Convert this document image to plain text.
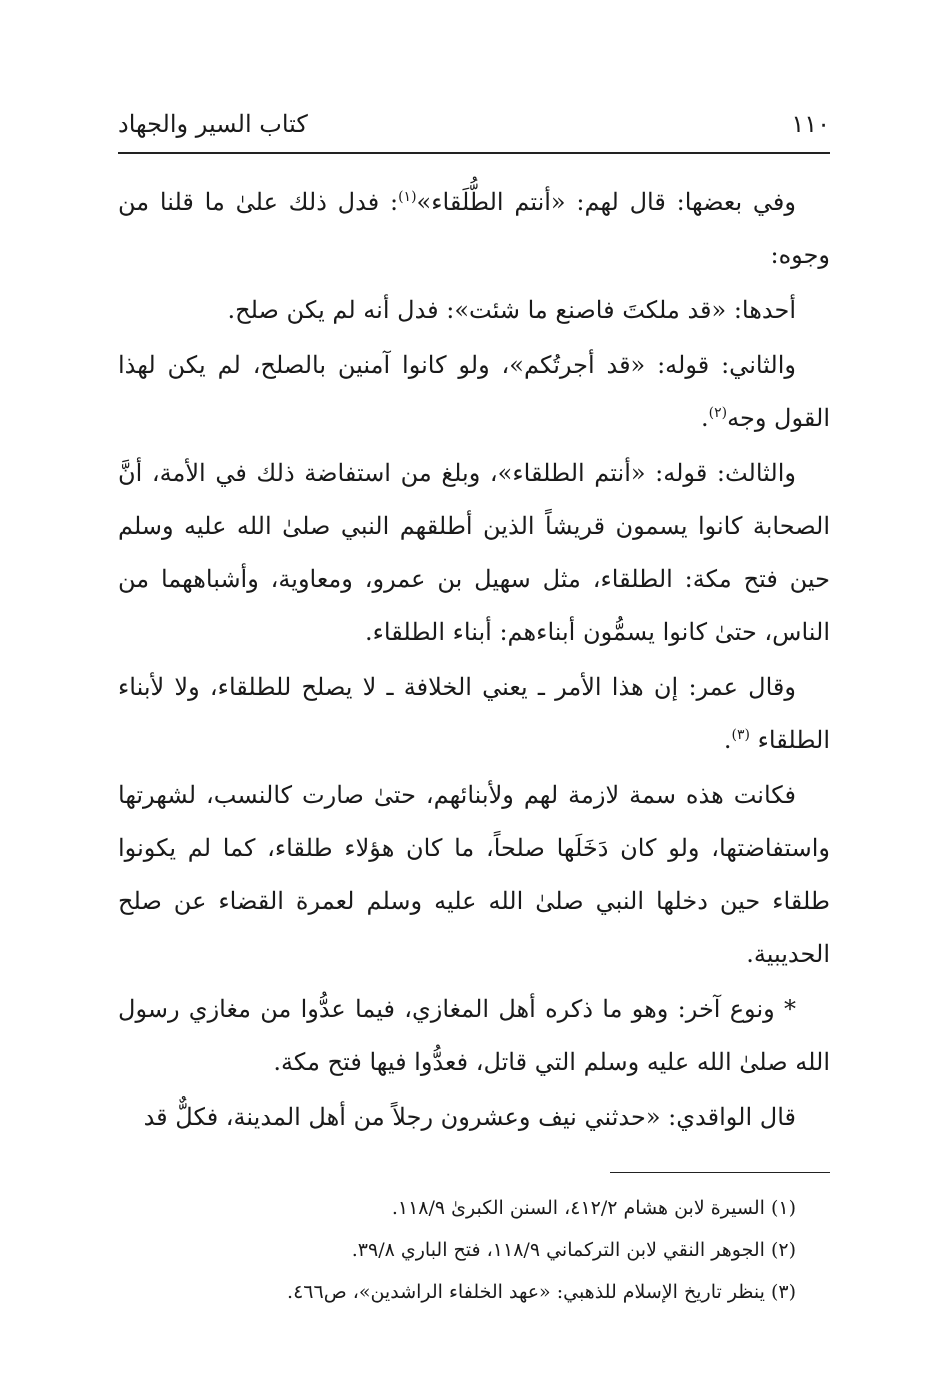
١١٠
كتاب السير والجهاد

وفي بعضها: قال لهم: «أنتم الطُّلَقاء»$^{(١)}$: فدل ذلك علىٰ ما قلنا من وجوه:

أحدها: «قد ملكتَ فاصنع ما شئت»: فدل أنه لم يكن صلح.

والثاني: قوله: «قد أجرتُكم»، ولو كانوا آمنين بالصلح، لم يكن لهذا القول وجه$^{(٢)}$.

والثالث: قوله: «أنتم الطلقاء»، وبلغ من استفاضة ذلك في الأمة، أنَّ الصحابة كانوا يسمون قريشاً الذين أطلقهم النبي صلىٰ الله عليه وسلم حين فتح مكة: الطلقاء، مثل سهيل بن عمرو، ومعاوية، وأشباههما من الناس، حتىٰ كانوا يسمُّون أبناءهم: أبناء الطلقاء.

وقال عمر: إن هذا الأمر ـ يعني الخلافة ـ لا يصلح للطلقاء، ولا لأبناء الطلقاء $^{(٣)}$.

فكانت هذه سمة لازمة لهم ولأبنائهم، حتىٰ صارت كالنسب، لشهرتها واستفاضتها، ولو كان دَخَلَها صلحاً، ما كان هؤلاء طلقاء، كما لم يكونوا طلقاء حين دخلها النبي صلىٰ الله عليه وسلم لعمرة القضاء عن صلح الحديبية.

* ونوع آخر: وهو ما ذكره أهل المغازي، فيما عدُّوا من مغازي رسول الله صلىٰ الله عليه وسلم التي قاتل، فعدُّوا فيها فتح مكة.

قال الواقدي: «حدثني نيف وعشرون رجلاً من أهل المدينة، فكلٌّ قد

(١) السيرة لابن هشام ٤١٢/٢، السنن الكبرىٰ ١١٨/٩.
(٢) الجوهر النقي لابن التركماني ١١٨/٩، فتح الباري ٣٩/٨.
(٣) ينظر تاريخ الإسلام للذهبي: «عهد الخلفاء الراشدين»، ص٤٦٦.
